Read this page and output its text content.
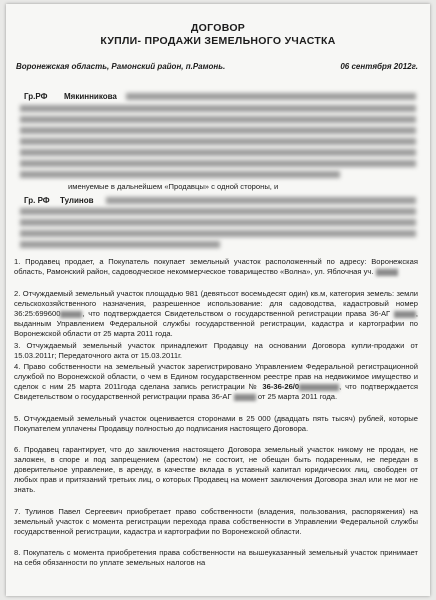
ДОГОВОР
КУПЛИ- ПРОДАЖИ ЗЕМЕЛЬНОГО УЧАСТКА
Воронежская область, Рамонский район, п.Рамонь.	06 сентября 2012г.
Гр.РФ Мякинникова
именуемые в дальнейшем «Продавцы» с одной стороны, и
Гр. РФ Тулинов
1. Продавец продает, а Покупатель покупает земельный участок расположенный по адресу: Воронежская область, Рамонский район, садоводческое некоммерческое товарищество «Волна», ул. Яблочная уч.
2. Отчуждаемый земельный участок площадью 981 (девятьсот восемьдесят один) кв.м, категория земель: земли сельскохозяйственного назначения, разрешенное использование: для садоводства, кадастровый номер 36:25:699600	, что подтверждается Свидетельством о государственной регистрации права 36-АГ	, выданным Управлением Федеральной службы государственной регистрации, кадастра и картографии по Воронежской области от 25 марта 2011 года.
3. Отчуждаемый земельный участок принадлежит Продавцу на основании Договора купли-продажи от 15.03.2011г; Передаточного акта от 15.03.2011г.
4. Право собственности на земельный участок зарегистрировано Управлением Федеральной регистрационной службой по Воронежской области, о чем в Едином государственном реестре прав на недвижимое имущество и сделок с ним 25 марта 2011года сделана запись регистрации № 36-36-26/0	, что подтверждается Свидетельством о государственной регистрации права 36-АГ	от 25 марта 2011 года.
5. Отчуждаемый земельный участок оценивается сторонами в 25 000 (двадцать пять тысяч) рублей, которые Покупателем уплачены Продавцу полностью до подписания настоящего Договора.
6. Продавец гарантирует, что до заключения настоящего Договора земельный участок никому не продан, не заложен, в споре и под запрещением (арестом) не состоит, не обещан быть подаренным, не передан в доверительное управление, в аренду, в качестве вклада в уставный капитал юридических лиц, свободен от любых прав и притязаний третьих лиц, о которых Продавец на момент заключения Договора знал или не мог не знать.
7. Тулинов Павел Сергеевич приобретает право собственности (владения, пользования, распоряжения) на земельный участок с момента регистрации перехода права собственности в Управлении Федеральной службы государственной регистрации, кадастра и картографии по Воронежской области.
8. Покупатель с момента приобретения права собственности на вышеуказанный земельный участок принимает на себя обязанности по уплате земельных налогов на
